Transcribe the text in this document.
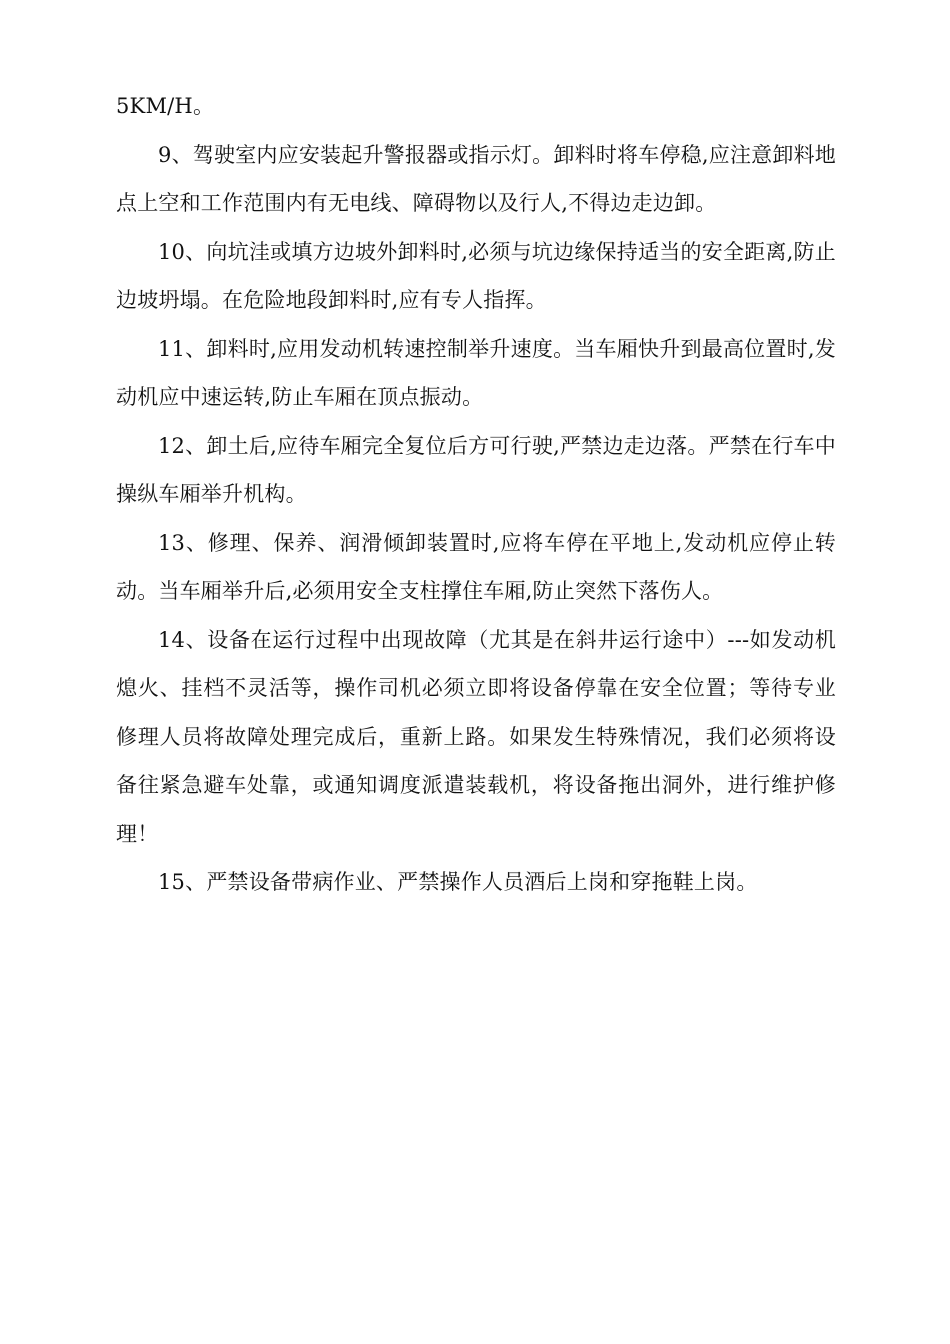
5KM/H。

9、驾驶室内应安装起升警报器或指示灯。卸料时将车停稳,应注意卸料地点上空和工作范围内有无电线、障碍物以及行人,不得边走边卸。

10、向坑洼或填方边坡外卸料时,必须与坑边缘保持适当的安全距离,防止边坡坍塌。在危险地段卸料时,应有专人指挥。

11、卸料时,应用发动机转速控制举升速度。当车厢快升到最高位置时,发动机应中速运转,防止车厢在顶点振动。

12、卸土后,应待车厢完全复位后方可行驶,严禁边走边落。严禁在行车中操纵车厢举升机构。

13、修理、保养、润滑倾卸装置时,应将车停在平地上,发动机应停止转动。当车厢举升后,必须用安全支柱撑住车厢,防止突然下落伤人。

14、设备在运行过程中出现故障（尤其是在斜井运行途中）---如发动机熄火、挂档不灵活等，操作司机必须立即将设备停靠在安全位置；等待专业修理人员将故障处理完成后，重新上路。如果发生特殊情况，我们必须将设备往紧急避车处靠，或通知调度派遣装载机，将设备拖出洞外，进行维护修理！

15、严禁设备带病作业、严禁操作人员酒后上岗和穿拖鞋上岗。
